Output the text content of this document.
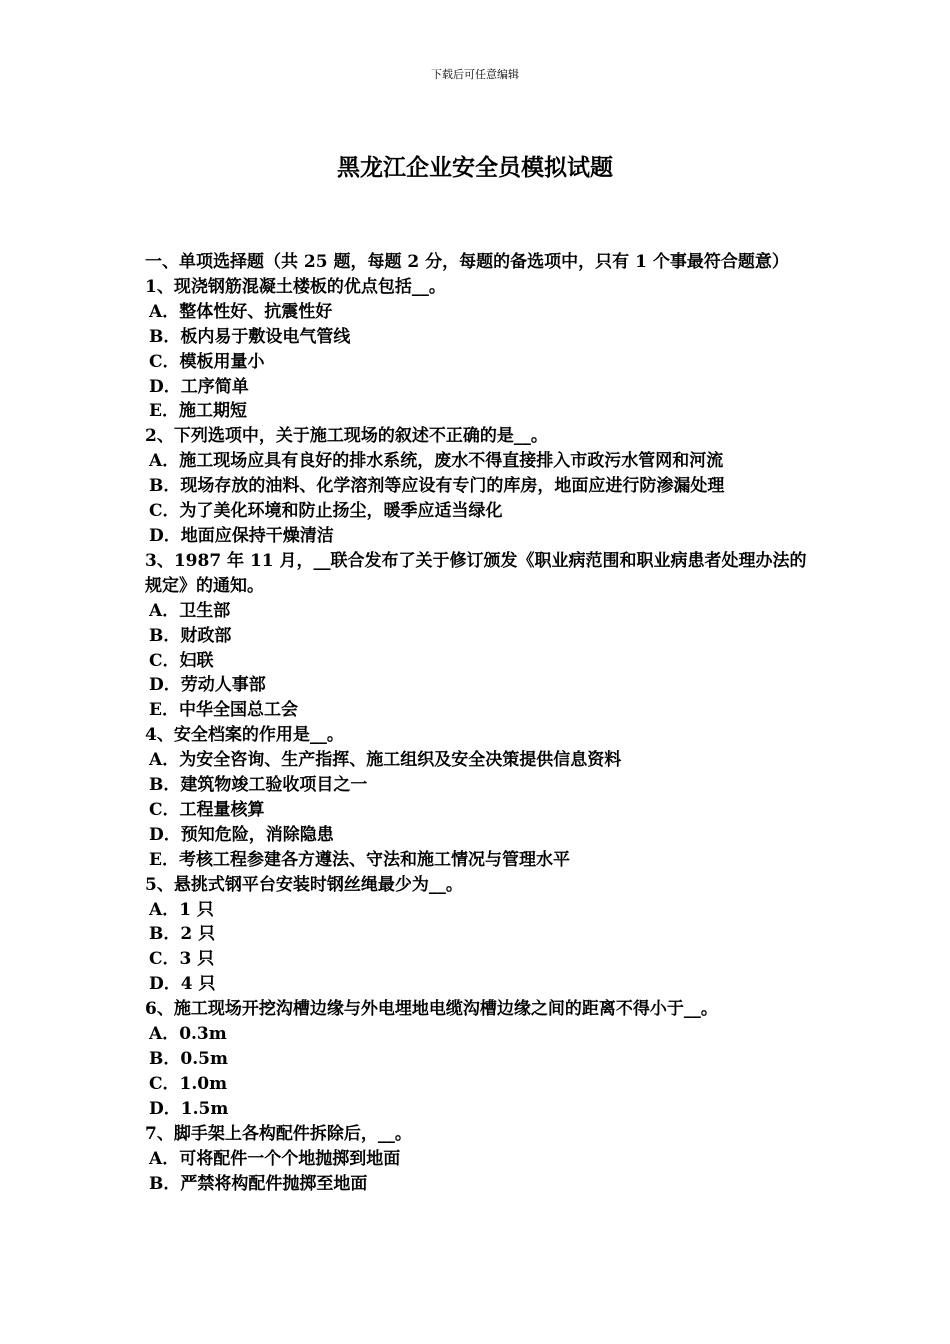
下载后可任意编辑
黑龙江企业安全员模拟试题

一、单项选择题（共 25 题，每题 2 分，每题的备选项中，只有 1 个事最符合题意）

1、现浇钢筋混凝土楼板的优点包括__。

A．整体性好、抗震性好
B．板内易于敷设电气管线
C．模板用量小
D．工序简单
E．施工期短

2、下列选项中，关于施工现场的叙述不正确的是__。

A．施工现场应具有良好的排水系统，废水不得直接排入市政污水管网和河流
B．现场存放的油料、化学溶剂等应设有专门的库房，地面应进行防渗漏处理
C．为了美化环境和防止扬尘，暖季应适当绿化
D．地面应保持干燥清洁

3、1987 年 11 月，__联合发布了关于修订颁发《职业病范围和职业病患者处理办法的规定》的通知。

A．卫生部
B．财政部
C．妇联
D．劳动人事部
E．中华全国总工会

4、安全档案的作用是__。

A．为安全咨询、生产指挥、施工组织及安全决策提供信息资料
B．建筑物竣工验收项目之一
C．工程量核算
D．预知危险，消除隐患
E．考核工程参建各方遵法、守法和施工情况与管理水平

5、悬挑式钢平台安装时钢丝绳最少为__。

A．1 只
B．2 只
C．3 只
D．4 只

6、施工现场开挖沟槽边缘与外电埋地电缆沟槽边缘之间的距离不得小于__。

A．0.3m
B．0.5m
C．1.0m
D．1.5m

7、脚手架上各构配件拆除后，__。

A．可将配件一个个地抛掷到地面
B．严禁将构配件抛掷至地面
